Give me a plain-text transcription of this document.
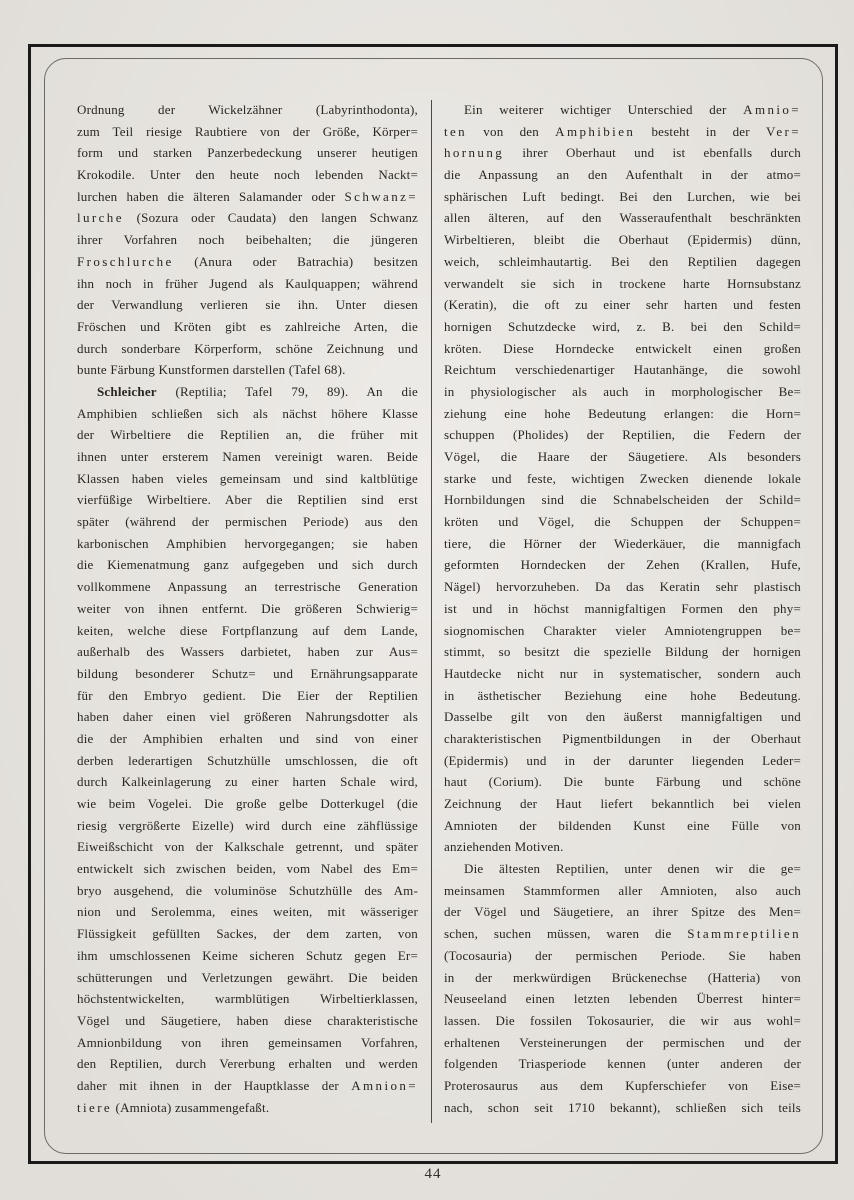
Ordnung der Wickelzähner (Labyrinthodonta),
zum Teil riesige Raubtiere von der Größe, Körper=
form und starken Panzerbedeckung unserer heutigen
Krokodile. Unter den heute noch lebenden Nackt=
lurchen haben die älteren Salamander oder Schwanz=
lurche (Sozura oder Caudata) den langen Schwanz
ihrer Vorfahren noch beibehalten; die jüngeren
Froschlurche (Anura oder Batrachia) besitzen
ihn noch in früher Jugend als Kaulquappen; während
der Verwandlung verlieren sie ihn. Unter diesen
Fröschen und Kröten gibt es zahlreiche Arten, die
durch sonderbare Körperform, schöne Zeichnung und
bunte Färbung Kunstformen darstellen (Tafel 68).
Schleicher (Reptilia; Tafel 79, 89). An die
Amphibien schließen sich als nächst höhere Klasse
der Wirbeltiere die Reptilien an, die früher mit
ihnen unter ersterem Namen vereinigt waren. Beide
Klassen haben vieles gemeinsam und sind kaltblütige
vierfüßige Wirbeltiere. Aber die Reptilien sind erst
später (während der permischen Periode) aus den
karbonischen Amphibien hervorgegangen; sie haben
die Kiemenatmung ganz aufgegeben und sich durch
vollkommene Anpassung an terrestrische Generation
weiter von ihnen entfernt. Die größeren Schwierig=
keiten, welche diese Fortpflanzung auf dem Lande,
außerhalb des Wassers darbietet, haben zur Aus=
bildung besonderer Schutz= und Ernährungsapparate
für den Embryo gedient. Die Eier der Reptilien
haben daher einen viel größeren Nahrungsdotter als
die der Amphibien erhalten und sind von einer
derben lederartigen Schutzhülle umschlossen, die oft
durch Kalkeinlagerung zu einer harten Schale wird,
wie beim Vogelei. Die große gelbe Dotterkugel (die
riesig vergrößerte Eizelle) wird durch eine zähflüssige
Eiweißschicht von der Kalkschale getrennt, und später
entwickelt sich zwischen beiden, vom Nabel des Em=
bryo ausgehend, die voluminöse Schutzhülle des Am-
nion und Serolemma, eines weiten, mit wässeriger
Flüssigkeit gefüllten Sackes, der dem zarten, von
ihm umschlossenen Keime sicheren Schutz gegen Er=
schütterungen und Verletzungen gewährt. Die beiden
höchstentwickelten, warmblütigen Wirbeltierklassen,
Vögel und Säugetiere, haben diese charakteristische
Amnionbildung von ihren gemeinsamen Vorfahren,
den Reptilien, durch Vererbung erhalten und werden
daher mit ihnen in der Hauptklasse der Amnion=
tiere (Amniota) zusammengefaßt.
Ein weiterer wichtiger Unterschied der Amnio=
ten von den Amphibien besteht in der Ver=
hornung ihrer Oberhaut und ist ebenfalls durch
die Anpassung an den Aufenthalt in der atmo=
sphärischen Luft bedingt. Bei den Lurchen, wie bei
allen älteren, auf den Wasseraufenthalt beschränkten
Wirbeltieren, bleibt die Oberhaut (Epidermis) dünn,
weich, schleimhautartig. Bei den Reptilien dagegen
verwandelt sie sich in trockene harte Hornsubstanz
(Keratin), die oft zu einer sehr harten und festen
hornigen Schutzdecke wird, z. B. bei den Schild=
kröten. Diese Horndecke entwickelt einen großen
Reichtum verschiedenartiger Hautanhänge, die sowohl
in physiologischer als auch in morphologischer Be=
ziehung eine hohe Bedeutung erlangen: die Horn=
schuppen (Pholides) der Reptilien, die Federn der
Vögel, die Haare der Säugetiere. Als besonders
starke und feste, wichtigen Zwecken dienende lokale
Hornbildungen sind die Schnabelscheiden der Schild=
kröten und Vögel, die Schuppen der Schuppen=
tiere, die Hörner der Wiederkäuer, die mannigfach
geformten Horndecken der Zehen (Krallen, Hufe,
Nägel) hervorzuheben. Da das Keratin sehr plastisch
ist und in höchst mannigfaltigen Formen den phy=
siognomischen Charakter vieler Amniotengruppen be=
stimmt, so besitzt die spezielle Bildung der hornigen
Hautdecke nicht nur in systematischer, sondern auch
in ästhetischer Beziehung eine hohe Bedeutung.
Dasselbe gilt von den äußerst mannigfaltigen und
charakteristischen Pigmentbildungen in der Oberhaut
(Epidermis) und in der darunter liegenden Leder=
haut (Corium). Die bunte Färbung und schöne
Zeichnung der Haut liefert bekanntlich bei vielen
Amnioten der bildenden Kunst eine Fülle von
anziehenden Motiven.
Die ältesten Reptilien, unter denen wir die ge=
meinsamen Stammformen aller Amnioten, also auch
der Vögel und Säugetiere, an ihrer Spitze des Men=
schen, suchen müssen, waren die Stammreptilien
(Tocosauria) der permischen Periode. Sie haben
in der merkwürdigen Brückenechse (Hatteria) von
Neuseeland einen letzten lebenden Überrest hinter=
lassen. Die fossilen Tokosaurier, die wir aus wohl=
erhaltenen Versteinerungen der permischen und der
folgenden Triasperiode kennen (unter anderen der
Proterosaurus aus dem Kupferschiefer von Eise=
nach, schon seit 1710 bekannt), schließen sich teils
44
